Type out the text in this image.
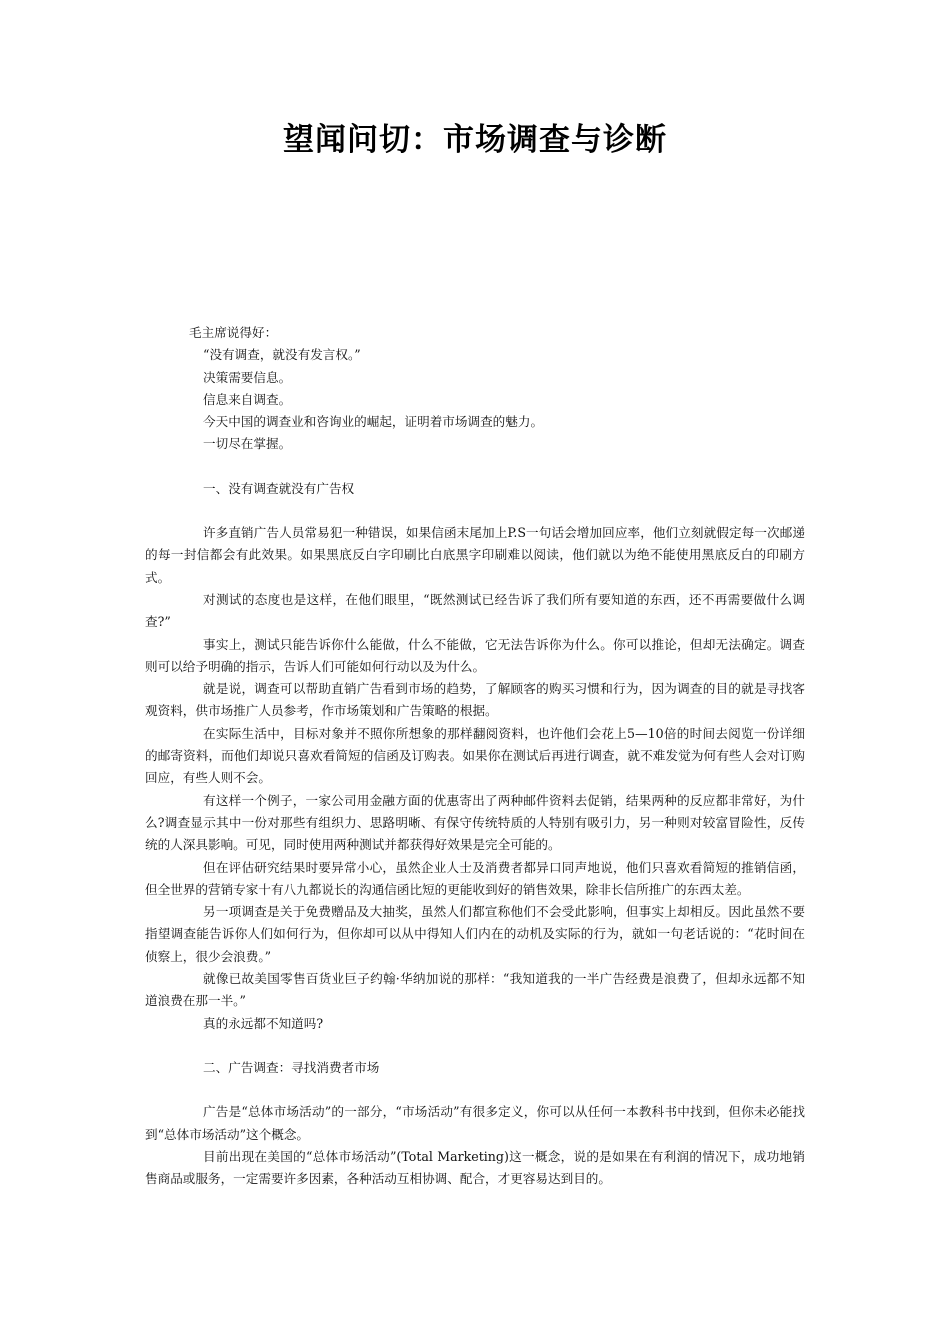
望闻问切：市场调查与诊断

毛主席说得好：

“没有调查，就没有发言权。”

决策需要信息。

信息来自调查。

今天中国的调查业和咨询业的崛起，证明着市场调查的魅力。

一切尽在掌握。

一、没有调查就没有广告权

许多直销广告人员常易犯一种错误，如果信函末尾加上P.S一句话会增加回应率，他们立刻就假定每一次邮递的每一封信都会有此效果。如果黑底反白字印刷比白底黑字印刷难以阅读，他们就以为绝不能使用黑底反白的印刷方式。

对测试的态度也是这样，在他们眼里，“既然测试已经告诉了我们所有要知道的东西，还不再需要做什么调查?”

事实上，测试只能告诉你什么能做，什么不能做，它无法告诉你为什么。你可以推论，但却无法确定。调查则可以给予明确的指示，告诉人们可能如何行动以及为什么。

就是说，调查可以帮助直销广告看到市场的趋势，了解顾客的购买习惯和行为，因为调查的目的就是寻找客观资料，供市场推广人员参考，作市场策划和广告策略的根据。

在实际生活中，目标对象并不照你所想象的那样翻阅资料，也许他们会花上5—10倍的时间去阅览一份详细的邮寄资料，而他们却说只喜欢看简短的信函及订购表。如果你在测试后再进行调查，就不难发觉为何有些人会对订购回应，有些人则不会。

有这样一个例子，一家公司用金融方面的优惠寄出了两种邮件资料去促销，结果两种的反应都非常好，为什么?调查显示其中一份对那些有组织力、思路明晰、有保守传统特质的人特别有吸引力，另一种则对较富冒险性，反传统的人深具影响。可见，同时使用两种测试并都获得好效果是完全可能的。

但在评估研究结果时要异常小心，虽然企业人士及消费者都异口同声地说，他们只喜欢看简短的推销信函，但全世界的营销专家十有八九都说长的沟通信函比短的更能收到好的销售效果，除非长信所推广的东西太差。

另一项调查是关于免费赠品及大抽奖，虽然人们都宣称他们不会受此影响，但事实上却相反。因此虽然不要指望调查能告诉你人们如何行为，但你却可以从中得知人们内在的动机及实际的行为，就如一句老话说的：“花时间在侦察上，很少会浪费。”

就像已故美国零售百货业巨子约翰·华纳加说的那样：“我知道我的一半广告经费是浪费了，但却永远都不知道浪费在那一半。”

真的永远都不知道吗?

二、广告调查：寻找消费者市场

广告是“总体市场活动”的一部分，“市场活动”有很多定义，你可以从任何一本教科书中找到，但你未必能找到“总体市场活动”这个概念。

目前出现在美国的“总体市场活动”(Total Marketing)这一概念，说的是如果在有利润的情况下，成功地销售商品或服务，一定需要许多因素，各种活动互相协调、配合，才更容易达到目的。
